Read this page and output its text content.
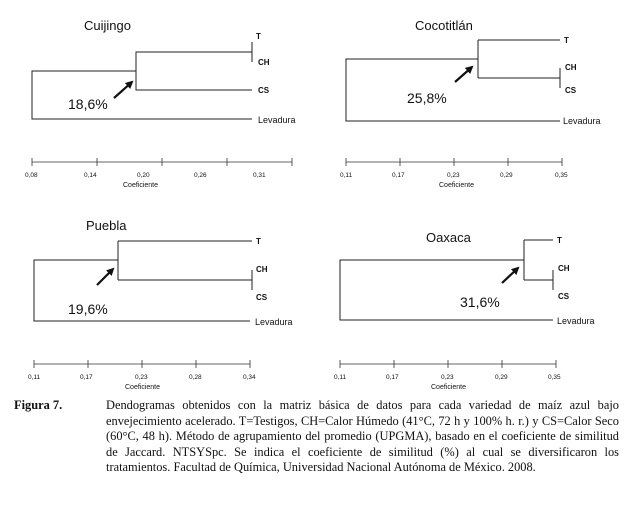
Cuijingo
T
CH
CS
Levadura
18,6%
0,08	0,14	0,20	0,26	0,31
Coeficiente
Cocotitlán
T
CH
CS
Levadura
25,8%
0,11	0,17	0,23	0,29	0,35
Coeficiente
Puebla
T
CH
CS
Levadura
19,6%
0,11	0,17	0,23	0,28	0,34
Coeficiente
Oaxaca	T
CH
CS
Levadura
31,6%
0,11	0,17	0,23	0,29	0,35
Coeficiente
Figura 7.	Dendogramas obtenidos con la matriz básica de datos para cada variedad de maíz azul bajo envejecimiento acelerado. T=Testigos, CH=Calor Húmedo (41°C, 72 h y 100% h. r.) y CS=Calor Seco (60°C, 48 h). Método de agrupamiento del promedio (UPGMA), basado en el coeficiente de similitud de Jaccard. NTSYSpc. Se indica el coeficiente de similitud (%) al cual se diversificaron los tratamientos. Facultad de Química, Universidad Nacional Autónoma de México. 2008.
